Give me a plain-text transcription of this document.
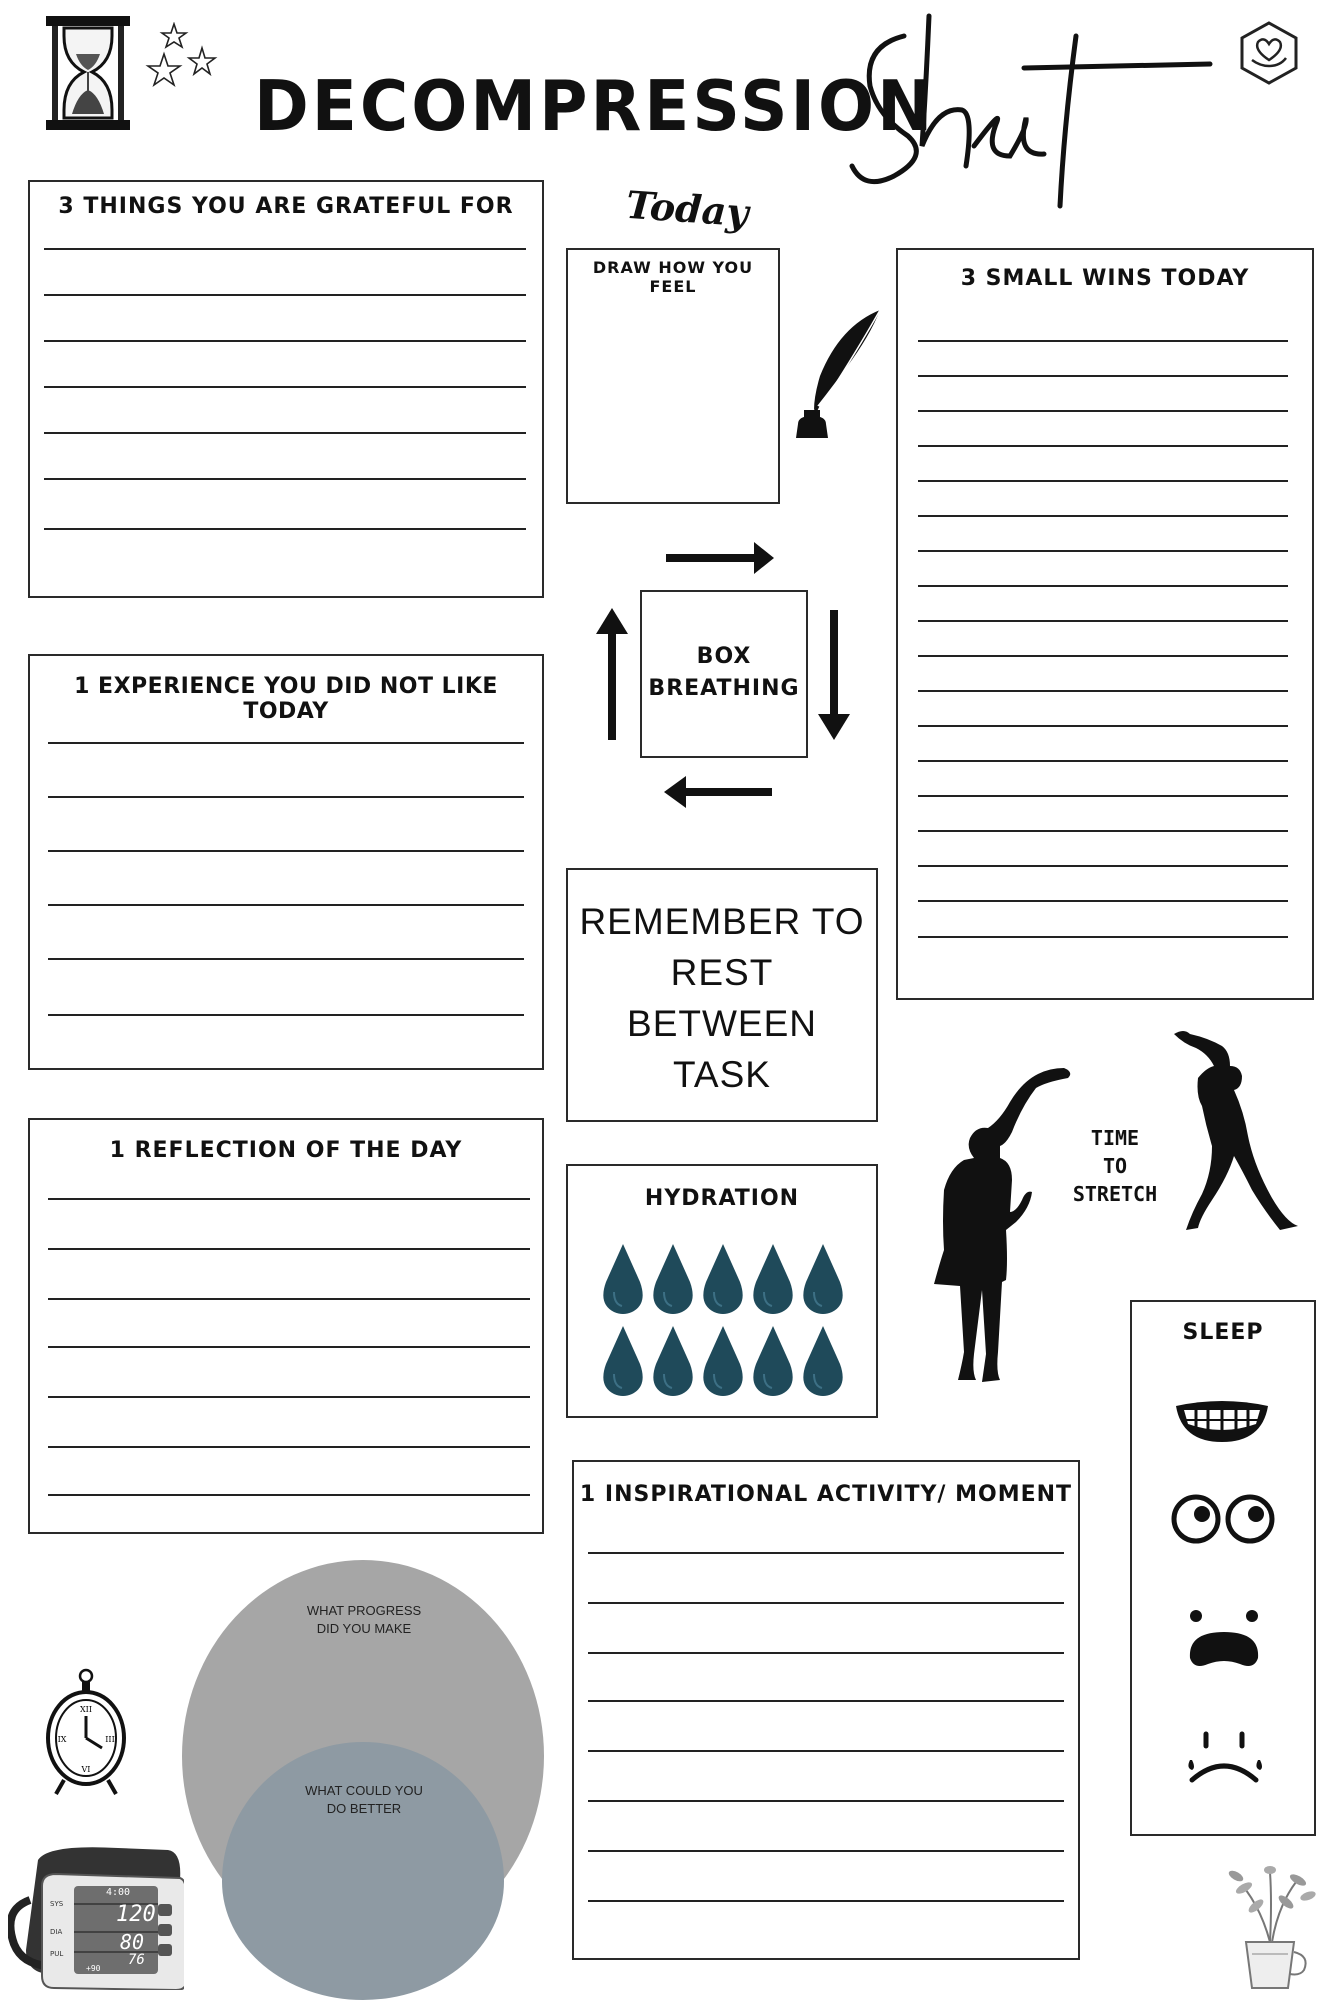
DECOMPRESSION
Today
3 THINGS YOU ARE GRATEFUL FOR
DRAW HOW YOU FEEL	3 SMALL WINS TODAY
1 EXPERIENCE YOU DID NOT LIKE TODAY
BOX
BREATHING
REMEMBER TO
REST
BETWEEN
TASK
TIME
TO
STRETCH
1 REFLECTION OF THE DAY
HYDRATION
SLEEP
1 INSPIRATIONAL ACTIVITY/ MOMENT
WHAT PROGRESS
DID YOU MAKE
WHAT COULD YOU
DO BETTER
XII
III
VI
IX
4:00
SYS 120
DIA	80
PUL	76
+90
